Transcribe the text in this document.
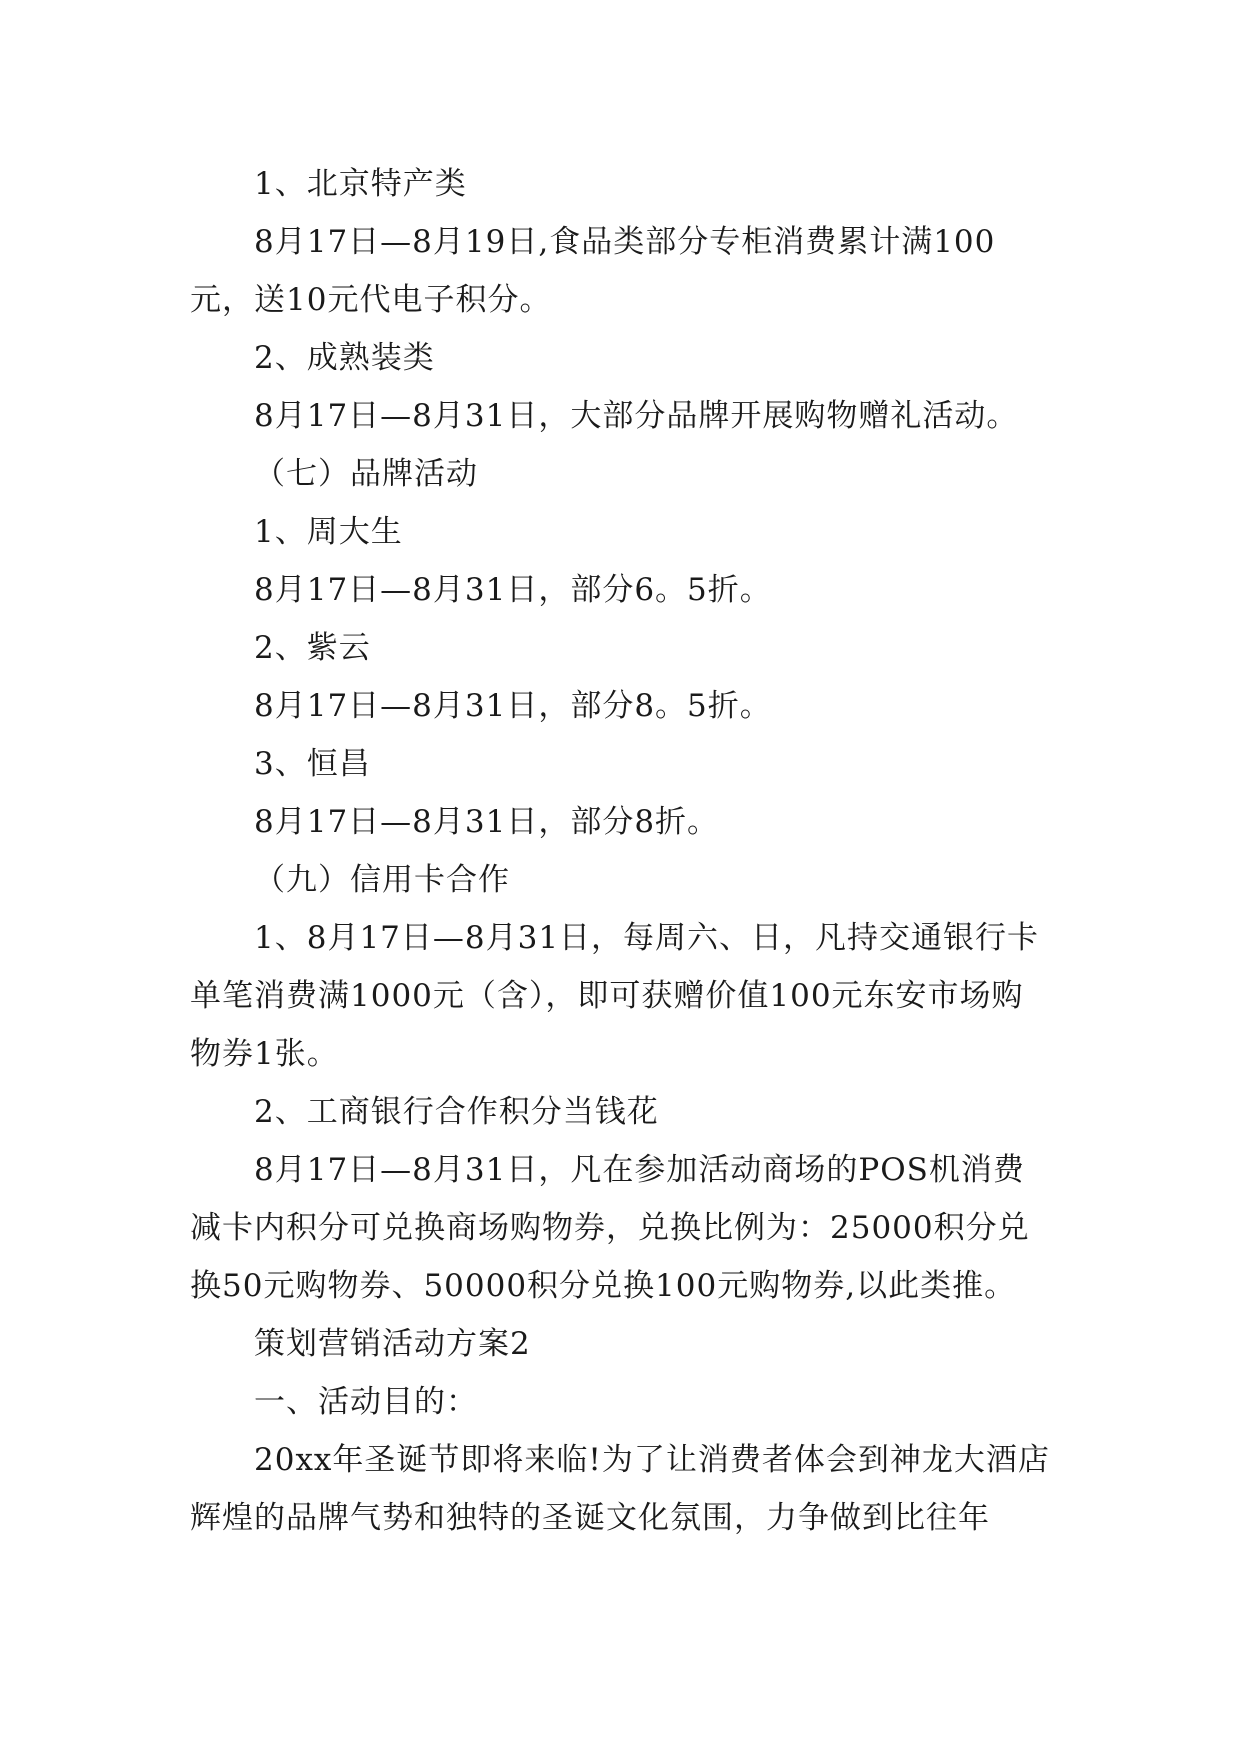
1、北京特产类

8月17日—8月19日,食品类部分专柜消费累计满100元，送10元代电子积分。

2、成熟装类

8月17日—8月31日，大部分品牌开展购物赠礼活动。

（七）品牌活动

1、周大生

8月17日—8月31日，部分6。5折。

2、紫云

8月17日—8月31日，部分8。5折。

3、恒昌

8月17日—8月31日，部分8折。

（九）信用卡合作

1、8月17日—8月31日，每周六、日，凡持交通银行卡单笔消费满1000元（含），即可获赠价值100元东安市场购物券1张。

2、工商银行合作积分当钱花

8月17日—8月31日，凡在参加活动商场的POS机消费减卡内积分可兑换商场购物券，兑换比例为：25000积分兑换50元购物券、50000积分兑换100元购物券,以此类推。

策划营销活动方案2

一、活动目的：

20xx年圣诞节即将来临!为了让消费者体会到神龙大酒店辉煌的品牌气势和独特的圣诞文化氛围，力争做到比往年
